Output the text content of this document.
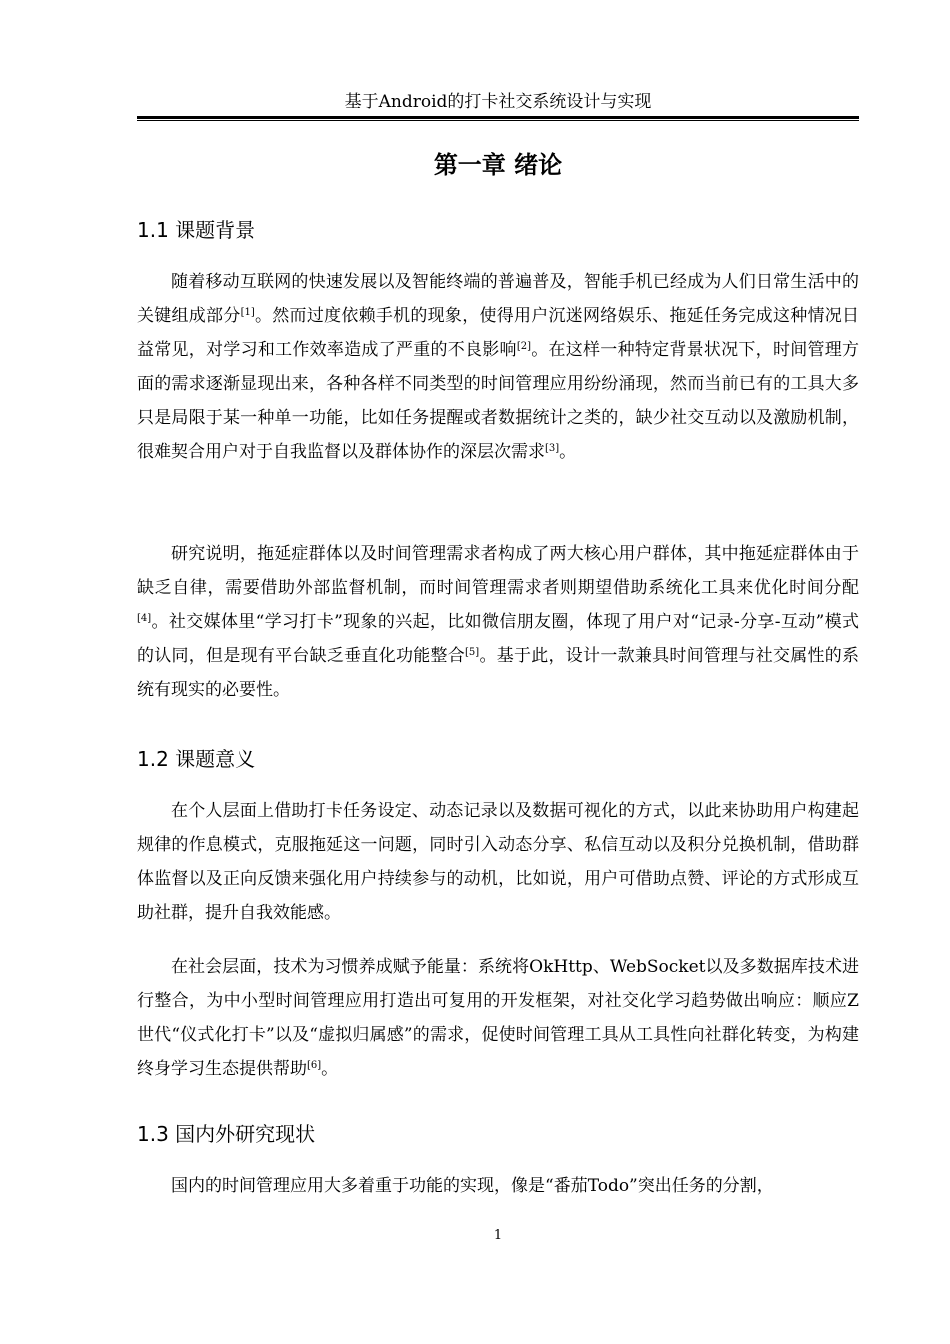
基于Android的打卡社交系统设计与实现
第一章 绪论
1.1 课题背景

随着移动互联网的快速发展以及智能终端的普遍普及，智能手机已经成为人们日常生活中的关键组成部分[1]。然而过度依赖手机的现象，使得用户沉迷网络娱乐、拖延任务完成这种情况日益常见，对学习和工作效率造成了严重的不良影响[2]。在这样一种特定背景状况下，时间管理方面的需求逐渐显现出来，各种各样不同类型的时间管理应用纷纷涌现，然而当前已有的工具大多只是局限于某一种单一功能，比如任务提醒或者数据统计之类的，缺少社交互动以及激励机制，很难契合用户对于自我监督以及群体协作的深层次需求[3]。

研究说明，拖延症群体以及时间管理需求者构成了两大核心用户群体，其中拖延症群体由于缺乏自律，需要借助外部监督机制，而时间管理需求者则期望借助系统化工具来优化时间分配[4]。社交媒体里“学习打卡”现象的兴起，比如微信朋友圈，体现了用户对“记录-分享-互动”模式的认同，但是现有平台缺乏垂直化功能整合[5]。基于此，设计一款兼具时间管理与社交属性的系统有现实的必要性。

1.2 课题意义

在个人层面上借助打卡任务设定、动态记录以及数据可视化的方式，以此来协助用户构建起规律的作息模式，克服拖延这一问题，同时引入动态分享、私信互动以及积分兑换机制，借助群体监督以及正向反馈来强化用户持续参与的动机，比如说，用户可借助点赞、评论的方式形成互助社群，提升自我效能感。

在社会层面，技术为习惯养成赋予能量：系统将OkHttp、WebSocket以及多数据库技术进行整合，为中小型时间管理应用打造出可复用的开发框架，对社交化学习趋势做出响应：顺应Z世代“仪式化打卡”以及“虚拟归属感”的需求，促使时间管理工具从工具性向社群化转变，为构建终身学习生态提供帮助[6]。

1.3 国内外研究现状

国内的时间管理应用大多着重于功能的实现，像是“番茄Todo”突出任务的分割，

1
